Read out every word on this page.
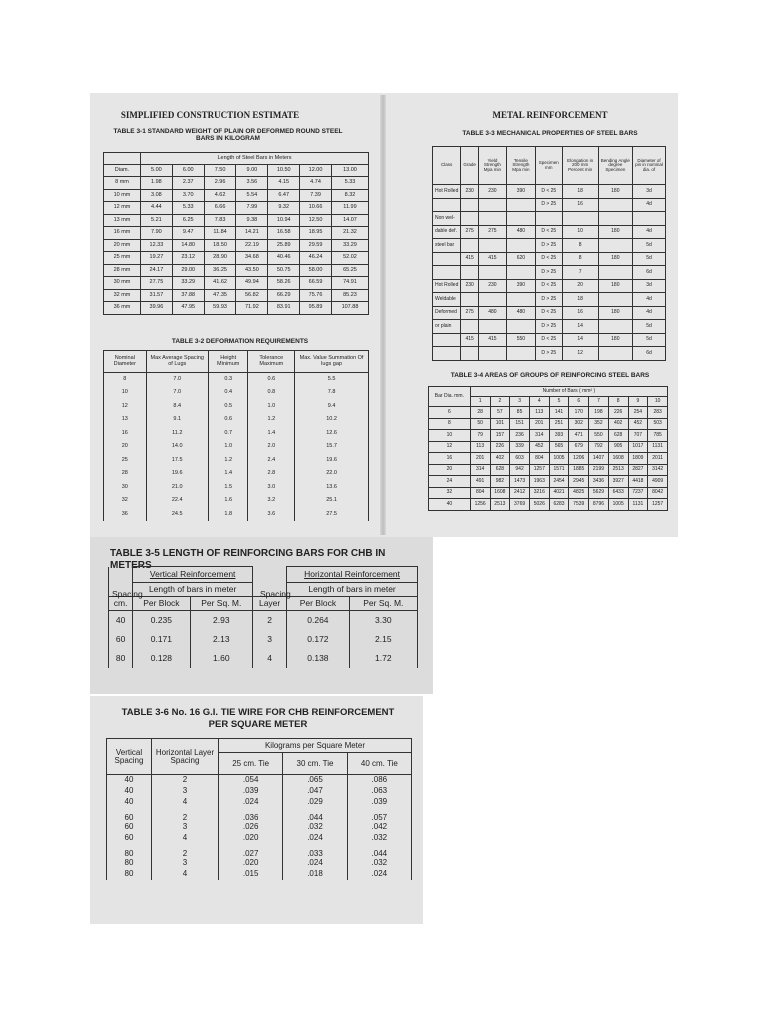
SIMPLIFIED CONSTRUCTION ESTIMATE
TABLE 3-1 STANDARD WEIGHT OF PLAIN OR DEFORMED ROUND STEEL BARS IN KILOGRAM
	Length of Steel Bars in Meters						
Diam.	5.00	6.00	7.50	9.00	10.50	12.00	13.00
8 mm	1.98	2.37	2.96	3.56	4.15	4.74	5.33
10 mm	3.08	3.70	4.62	5.54	6.47	7.39	8.32
12 mm	4.44	5.33	6.66	7.99	9.32	10.66	11.99
13 mm	5.21	6.25	7.83	9.38	10.94	12.50	14.07
16 mm	7.90	9.47	11.84	14.21	16.58	18.95	21.32
20 mm	12.33	14.80	18.50	22.19	25.89	29.59	33.29
25 mm	19.27	23.12	28.90	34.68	40.46	46.24	52.02
28 mm	24.17	29.00	36.25	43.50	50.75	58.00	65.25
30 mm	27.75	33.29	41.62	49.94	58.26	66.59	74.91
32 mm	31.57	37.88	47.35	56.82	66.29	75.76	85.23
36 mm	39.96	47.95	59.93	71.92	83.91	95.89	107.88
TABLE 3-2 DEFORMATION REQUIREMENTS
Nominal Diameter	Max Average Spacing of Lugs	Height Minimum	Tolerance Maximum	Max. Value Summation Of lugs gap
8	7.0	0.3	0.6	5.5
10	7.0	0.4	0.8	7.8
12	8.4	0.5	1.0	9.4
13	9.1	0.6	1.2	10.2
16	11.2	0.7	1.4	12.6
20	14.0	1.0	2.0	15.7
25	17.5	1.2	2.4	19.6
28	19.6	1.4	2.8	22.0
30	21.0	1.5	3.0	13.6
32	22.4	1.6	3.2	25.1
36	24.5	1.8	3.6	27.5
METAL REINFORCEMENT
TABLE 3-3 MECHANICAL PROPERTIES OF STEEL BARS
Class	Grade	Yield Strength Mpa min	Tensile Strength Mpa min	Specimen mm	Elongation in 200 mm Percent min	Bending Angle degree Specimen	Diameter of pin in nominal dia. of
Hot Rolled	230	230	390	D < 25	18	180	3d
				D > 25	16		4d
Non wel-							
dable def.	275	275	480	D < 25	10	180	4d
steel bar				D > 25	8		5d
	415	415	620	D < 25	8	180	5d
				D > 25	7		6d
Hot Rolled	230	230	390	D < 25	20	180	3d
Weldable				D > 25	18		4d
Deformed	275	480	480	D < 25	16	180	4d
or plain				D > 25	14		5d
	415	415	550	D < 25	14	180	5d
				D > 25	12		6d
TABLE 3-4 AREAS OF GROUPS OF REINFORCING STEEL BARS
Bar Dia. mm.	Number of Bars ( mm² )									
	1	2	3	4	5	6	7	8	9	10
6	28	57	85	113	141	170	198	226	254	283
8	50	101	151	201	251	302	352	402	452	503
10	79	157	236	314	393	471	550	628	707	785
12	113	226	339	452	565	679	792	905	1017	1131
16	201	402	603	804	1005	1206	1407	1608	1809	2011
20	314	628	942	1257	1571	1885	2199	2513	2827	3142
24	491	982	1473	1963	2454	2945	3436	3927	4418	4909
32	804	1608	2412	3216	4021	4825	5629	6433	7237	8042
40	1256	2513	3769	5026	6283	7539	8796	1005	1131	1257
TABLE 3-5 LENGTH OF REINFORCING BARS FOR CHB IN METERS
	Vertical Reinforcement			Horizontal Reinforcement	
	Length of bars in meter			Length of bars in meter	
cm.	Per Block	Per Sq. M.	Layer	Per Block	Per Sq. M.
40	0.235	2.93	2	0.264	3.30
60	0.171	2.13	3	0.172	2.15
80	0.128	1.60	4	0.138	1.72
Spacing	Spacing
TABLE 3-6 No. 16 G.I. TIE WIRE FOR CHB REINFORCEMENT
PER SQUARE METER
Vertical Spacing	Horizontal Layer Spacing	Kilograms per Square Meter		
		25 cm. Tie	30 cm. Tie	40 cm. Tie
40	2	.054	.065	.086
40	3	.039	.047	.063
40	4	.024	.029	.039
60	2	.036	.044	.057
60	3	.026	.032	.042
60	4	.020	.024	.032
80	2	.027	.033	.044
80	3	.020	.024	.032
80	4	.015	.018	.024
